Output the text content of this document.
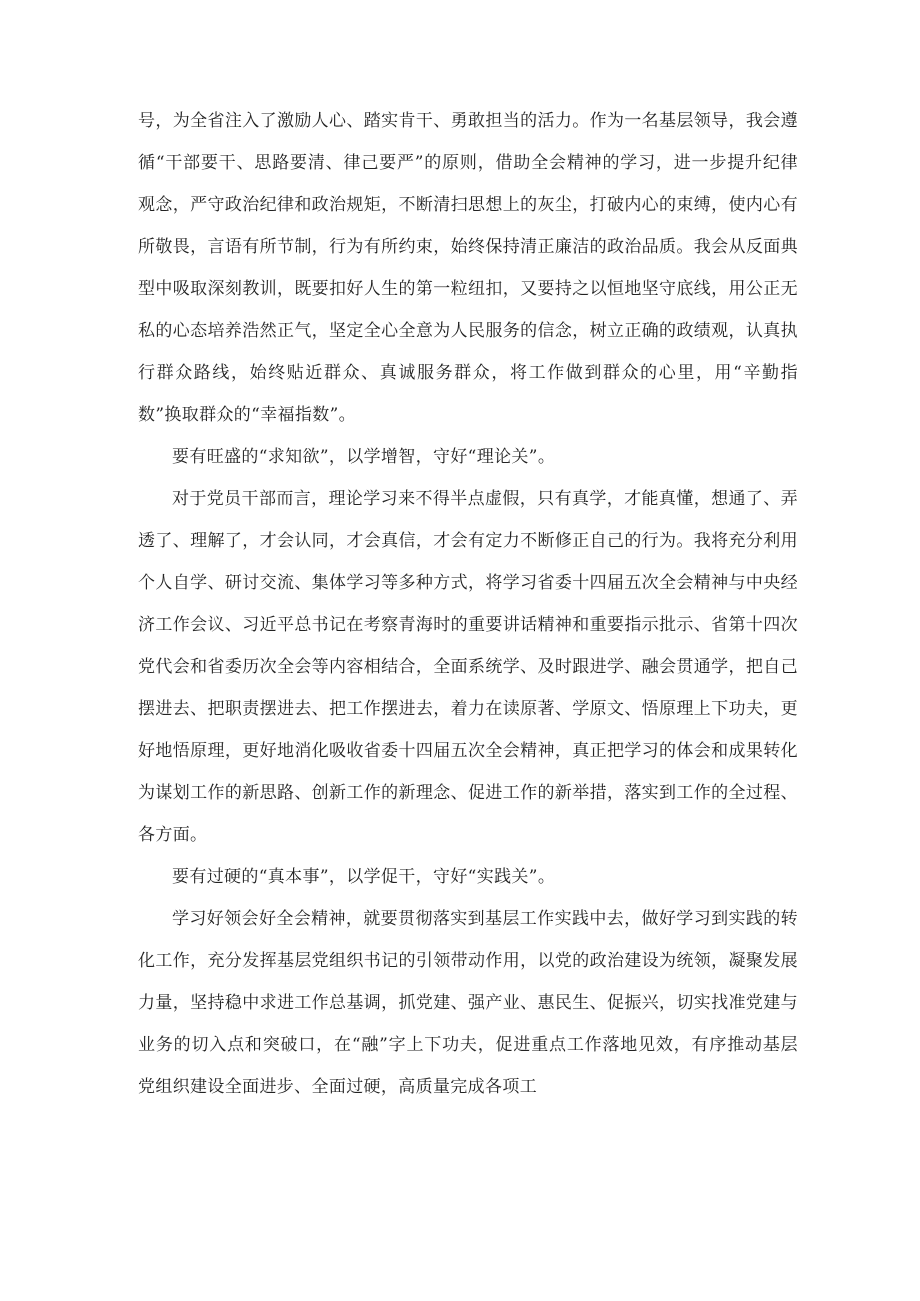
号，为全省注入了激励人心、踏实肯干、勇敢担当的活力。作为一名基层领导，我会遵循“干部要干、思路要清、律己要严”的原则，借助全会精神的学习，进一步提升纪律观念，严守政治纪律和政治规矩，不断清扫思想上的灰尘，打破内心的束缚，使内心有所敬畏，言语有所节制，行为有所约束，始终保持清正廉洁的政治品质。我会从反面典型中吸取深刻教训，既要扣好人生的第一粒纽扣，又要持之以恒地坚守底线，用公正无私的心态培养浩然正气，坚定全心全意为人民服务的信念，树立正确的政绩观，认真执行群众路线，始终贴近群众、真诚服务群众，将工作做到群众的心里，用“辛勤指数”换取群众的“幸福指数”。

要有旺盛的“求知欲”，以学增智，守好“理论关”。

对于党员干部而言，理论学习来不得半点虚假，只有真学，才能真懂，想通了、弄透了、理解了，才会认同，才会真信，才会有定力不断修正自己的行为。我将充分利用个人自学、研讨交流、集体学习等多种方式，将学习省委十四届五次全会精神与中央经济工作会议、习近平总书记在考察青海时的重要讲话精神和重要指示批示、省第十四次党代会和省委历次全会等内容相结合，全面系统学、及时跟进学、融会贯通学，把自己摆进去、把职责摆进去、把工作摆进去，着力在读原著、学原文、悟原理上下功夫，更好地悟原理，更好地消化吸收省委十四届五次全会精神，真正把学习的体会和成果转化为谋划工作的新思路、创新工作的新理念、促进工作的新举措，落实到工作的全过程、各方面。

要有过硬的“真本事”，以学促干，守好“实践关”。

学习好领会好全会精神，就要贯彻落实到基层工作实践中去，做好学习到实践的转化工作，充分发挥基层党组织书记的引领带动作用，以党的政治建设为统领，凝聚发展力量，坚持稳中求进工作总基调，抓党建、强产业、惠民生、促振兴，切实找准党建与业务的切入点和突破口，在“融”字上下功夫，促进重点工作落地见效，有序推动基层党组织建设全面进步、全面过硬，高质量完成各项工
